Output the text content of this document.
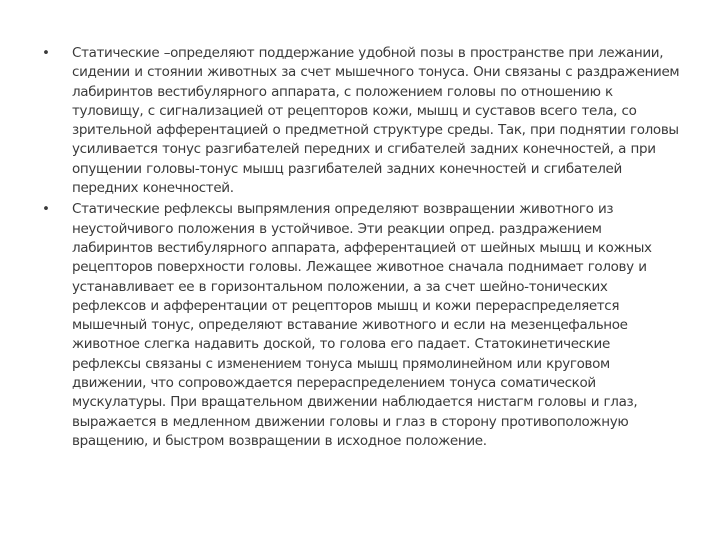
• Статические –определяют поддержание удобной позы в пространстве при лежании, сидении и стоянии животных за счет мышечного тонуса. Они связаны с раздражением лабиринтов вестибулярного аппарата, с положением головы по отношению к туловищу, с сигнализацией от рецепторов кожи, мышц и суставов всего тела, со зрительной афферентацией о предметной структуре среды. Так, при поднятии головы усиливается тонус разгибателей передних и сгибателей задних конечностей, а при опущении головы-тонус мышц разгибателей задних конечностей и сгибателей передних конечностей.
• Статические рефлексы выпрямления определяют возвращении животного из неустойчивого положения в устойчивое. Эти реакции опред. раздражением лабиринтов вестибулярного аппарата, афферентацией от шейных мышц и кожных рецепторов поверхности головы. Лежащее животное сначала поднимает голову и устанавливает ее в горизонтальном положении, а за счет шейно-тонических рефлексов и афферентации от рецепторов мышц и кожи перераспределяется мышечный тонус, определяют вставание животного и если на мезенцефальное животное слегка надавить доской, то голова его падает. Статокинетические рефлексы связаны с изменением тонуса мышц прямолинейном или круговом движении, что сопровождается перераспределением тонуса соматической мускулатуры. При вращательном движении наблюдается нистагм головы и глаз, выражается в медленном движении головы и глаз в сторону противоположную вращению, и быстром возвращении в исходное положение.
